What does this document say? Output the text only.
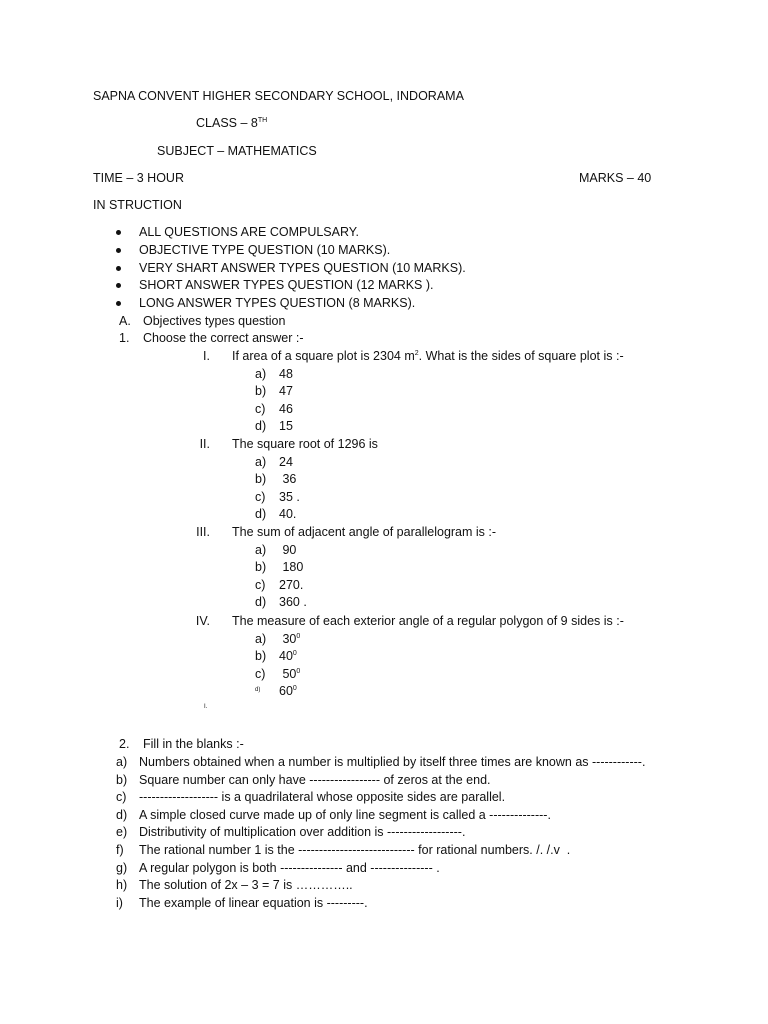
SAPNA CONVENT HIGHER SECONDARY SCHOOL, INDORAMA
CLASS – 8TH
SUBJECT – MATHEMATICS
TIME – 3 HOUR	MARKS – 40
IN STRUCTION
ALL QUESTIONS ARE COMPULSARY.
OBJECTIVE TYPE QUESTION (10 MARKS).
VERY SHART ANSWER TYPES QUESTION (10 MARKS).
SHORT ANSWER TYPES QUESTION (12 MARKS ).
LONG ANSWER TYPES QUESTION (8 MARKS).
A. Objectives types question
1. Choose the correct answer :-
I. If area of a square plot is 2304 $m^2$. What is the sides of square plot is :-
a) 48
b) 47
c) 46
d) 15
II. The square root of 1296 is
a) 24
b) 36
c) 35 .
d) 40.
III. The sum of adjacent angle of parallelogram is :-
a) 90
b) 180
c) 270.
d) 360 .
IV. The measure of each exterior angle of a regular polygon of 9 sides is :-
a) $30^0$
b) $40^0$
c) $50^0$
d) $60^0$
I.
2. Fill in the blanks :-
a) Numbers obtained when a number is multiplied by itself three times are known as ------------.
b) Square number can only have ----------------- of zeros at the end.
c) ------------------- is a quadrilateral whose opposite sides are parallel.
d) A simple closed curve made up of only line segment is called a --------------.
e) Distributivity of multiplication over addition is ------------------.
f) The rational number 1 is the ---------------------------- for rational numbers. /. /.v  .
g) A regular polygon is both --------------- and --------------- .
h) The solution of 2x – 3 = 7 is …………..
i) The example of linear equation is ---------.
